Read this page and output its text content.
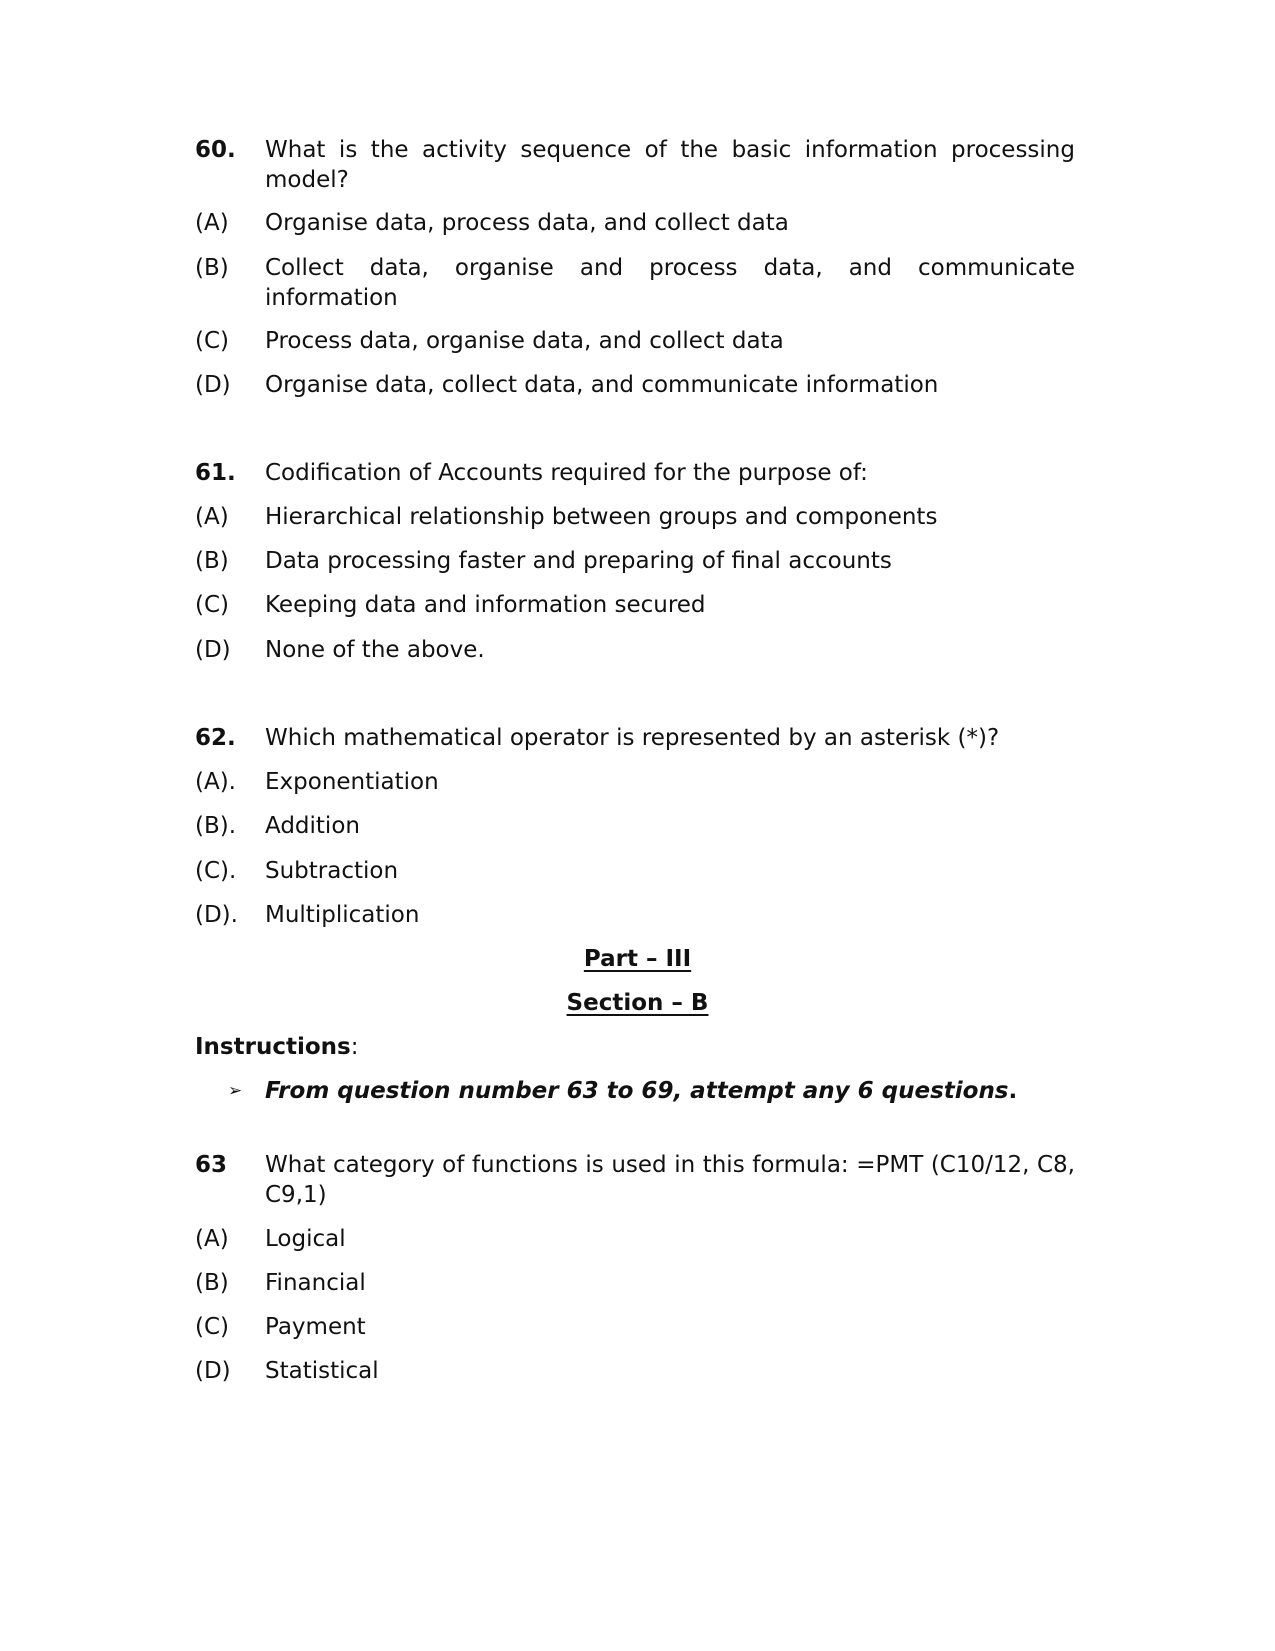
60.	What is the activity sequence of the basic information processing model?
(A)	Organise data, process data, and collect data
(B)	Collect data, organise and process data, and communicate information
(C)	Process data, organise data, and collect data
(D)	Organise data, collect data, and communicate information
61.	Codification of Accounts required for the purpose of:
(A)	Hierarchical relationship between groups and components
(B)	Data processing faster and preparing of final accounts
(C)	Keeping data and information secured
(D)	None of the above.
62.	Which mathematical operator is represented by an asterisk (*)?
(A).	Exponentiation
(B).	Addition
(C).	Subtraction
(D).	Multiplication
Part – III
Section – B
Instructions:
➢ From question number 63 to 69, attempt any 6 questions.
63	What category of functions is used in this formula: =PMT (C10/12, C8, C9,1)
(A)	Logical
(B)	Financial
(C)	Payment
(D)	Statistical
